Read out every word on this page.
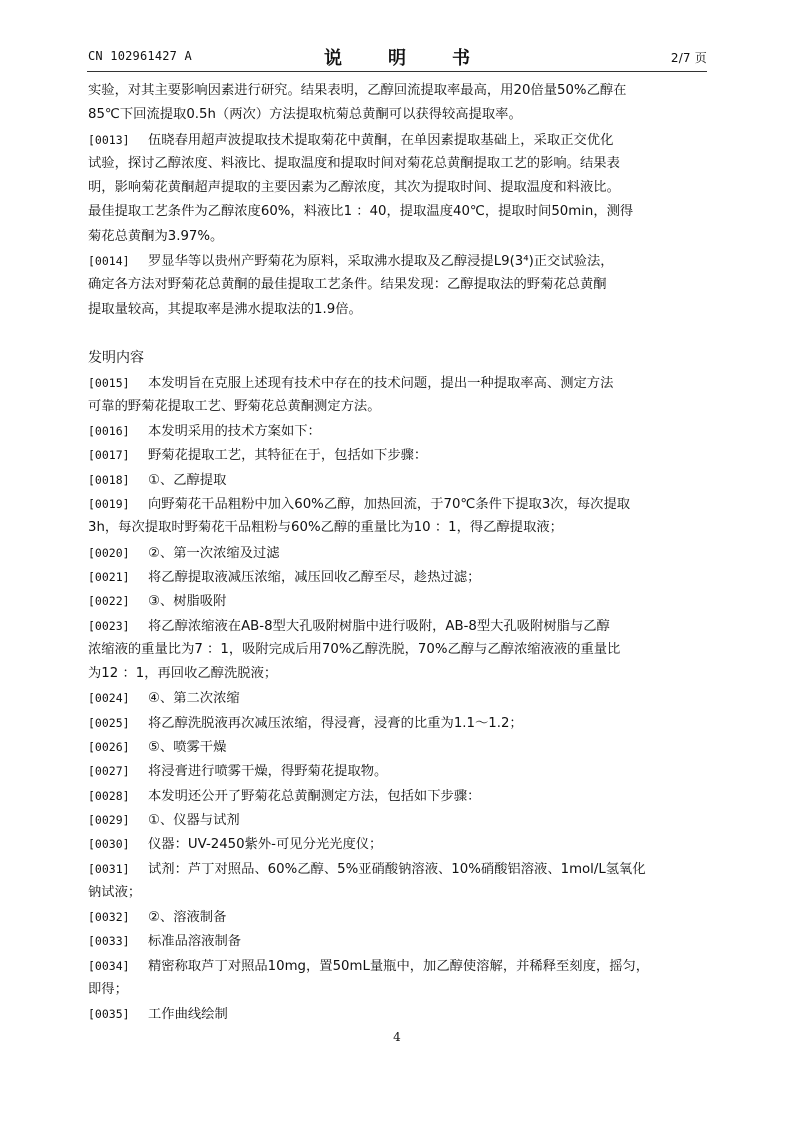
CN 102961427 A	说　明　书	2/7 页
实验，对其主要影响因素进行研究。结果表明，乙醇回流提取率最高，用20倍量50%乙醇在
85℃下回流提取0.5h（两次）方法提取杭菊总黄酮可以获得较高提取率。
[0013] 伍晓春用超声波提取技术提取菊花中黄酮，在单因素提取基础上，采取正交优化
试验，探讨乙醇浓度、料液比、提取温度和提取时间对菊花总黄酮提取工艺的影响。结果表
明，影响菊花黄酮超声提取的主要因素为乙醇浓度，其次为提取时间、提取温度和料液比。
最佳提取工艺条件为乙醇浓度60%，料液比1 ：40，提取温度40℃，提取时间50min，测得
菊花总黄酮为3.97%。
[0014] 罗显华等以贵州产野菊花为原料，采取沸水提取及乙醇浸提L9(3⁴)正交试验法，
确定各方法对野菊花总黄酮的最佳提取工艺条件。结果发现：乙醇提取法的野菊花总黄酮
提取量较高，其提取率是沸水提取法的1.9倍。
发明内容
[0015] 本发明旨在克服上述现有技术中存在的技术问题，提出一种提取率高、测定方法
可靠的野菊花提取工艺、野菊花总黄酮测定方法。
[0016] 本发明采用的技术方案如下：
[0017] 野菊花提取工艺，其特征在于，包括如下步骤：
[0018] ①、乙醇提取
[0019] 向野菊花干品粗粉中加入60%乙醇，加热回流，于70℃条件下提取3次，每次提取
3h，每次提取时野菊花干品粗粉与60%乙醇的重量比为10 ：1，得乙醇提取液；
[0020] ②、第一次浓缩及过滤
[0021] 将乙醇提取液减压浓缩，减压回收乙醇至尽，趁热过滤；
[0022] ③、树脂吸附
[0023] 将乙醇浓缩液在AB-8型大孔吸附树脂中进行吸附，AB-8型大孔吸附树脂与乙醇
浓缩液的重量比为7 ：1，吸附完成后用70%乙醇洗脱，70%乙醇与乙醇浓缩液液的重量比
为12 ：1，再回收乙醇洗脱液；
[0024] ④、第二次浓缩
[0025] 将乙醇洗脱液再次减压浓缩，得浸膏，浸膏的比重为1.1～1.2；
[0026] ⑤、喷雾干燥
[0027] 将浸膏进行喷雾干燥，得野菊花提取物。
[0028] 本发明还公开了野菊花总黄酮测定方法，包括如下步骤：
[0029] ①、仪器与试剂
[0030] 仪器：UV-2450紫外-可见分光光度仪；
[0031] 试剂：芦丁对照品、60%乙醇、5%亚硝酸钠溶液、10%硝酸铝溶液、1mol/L氢氧化
钠试液；
[0032] ②、溶液制备
[0033] 标准品溶液制备
[0034] 精密称取芦丁对照品10mg，置50mL量瓶中，加乙醇使溶解，并稀释至刻度，摇匀，
即得；
[0035] 工作曲线绘制
4
